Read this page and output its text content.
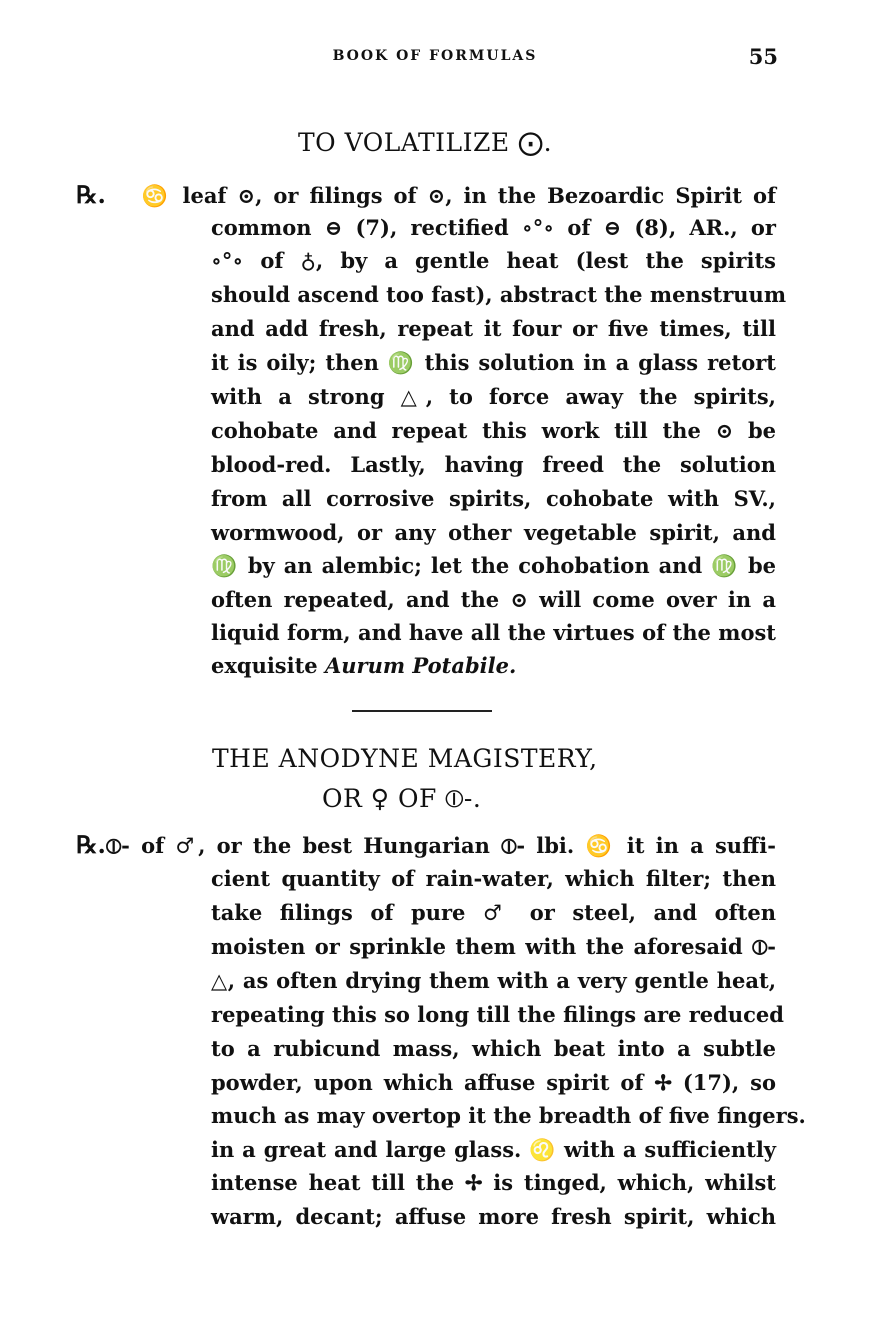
BOOK OF FORMULAS	55
TO VOLATILIZE ⨀.
℞. ♋ leaf ⊙, or filings of ⊙, in the Bezoardic Spirit of
common ⊖ (7), rectified ∘°∘ of ⊖ (8), AR., or
∘°∘ of ♁, by a gentle heat (lest the spirits
should ascend too fast), abstract the menstruum
and add fresh, repeat it four or five times, till
it is oily; then ♍ this solution in a glass retort
with a strong △, to force away the spirits,
cohobate and repeat this work till the ⊙ be
blood-red. Lastly, having freed the solution
from all corrosive spirits, cohobate with SV.,
wormwood, or any other vegetable spirit, and
♍ by an alembic; let the cohobation and ♍ be
often repeated, and the ⊙ will come over in a
liquid form, and have all the virtues of the most
exquisite Aurum Potabile.
THE ANODYNE MAGISTERY,
OR ♀ OF ⦶-.
℞.⦶- of ♂, or the best Hungarian ⦶- lbi. ♋ it in a suffi-
cient quantity of rain-water, which filter; then
take filings of pure ♂ or steel, and often
moisten or sprinkle them with the aforesaid ⦶-
△, as often drying them with a very gentle heat,
repeating this so long till the filings are reduced
to a rubicund mass, which beat into a subtle
powder, upon which affuse spirit of ✢ (17), so
much as may overtop it the breadth of five fingers.
in a great and large glass. ♌ with a sufficiently
intense heat till the ✢ is tinged, which, whilst
warm, decant; affuse more fresh spirit, which
